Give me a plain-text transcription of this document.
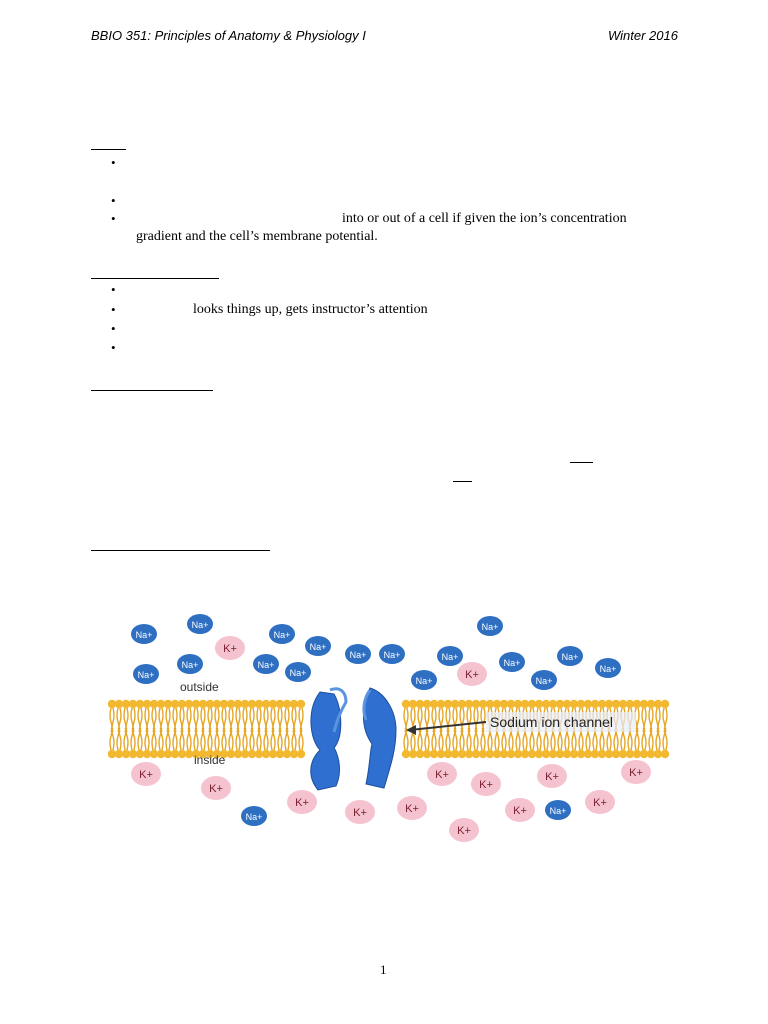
BBIO 351: Principles of Anatomy & Physiology I	Winter 2016
•
•
•	into or out of a cell if given the ion’s concentration
gradient and the cell’s membrane potential.
•
•	looks things up, gets instructor’s attention
•
•
Sodium ion channel
outside
inside
Na+
Na+
K+
Na+
Na+
Na+
Na+	Na+
Na+
Na+ Na+	Na+
K+
Na+
Na+
Na+
Na+
Na+
Na+
K+
K+
K+
Na+	K+	K+
K+
K+
K+	K+
K+	Na+
K+
K+
1
